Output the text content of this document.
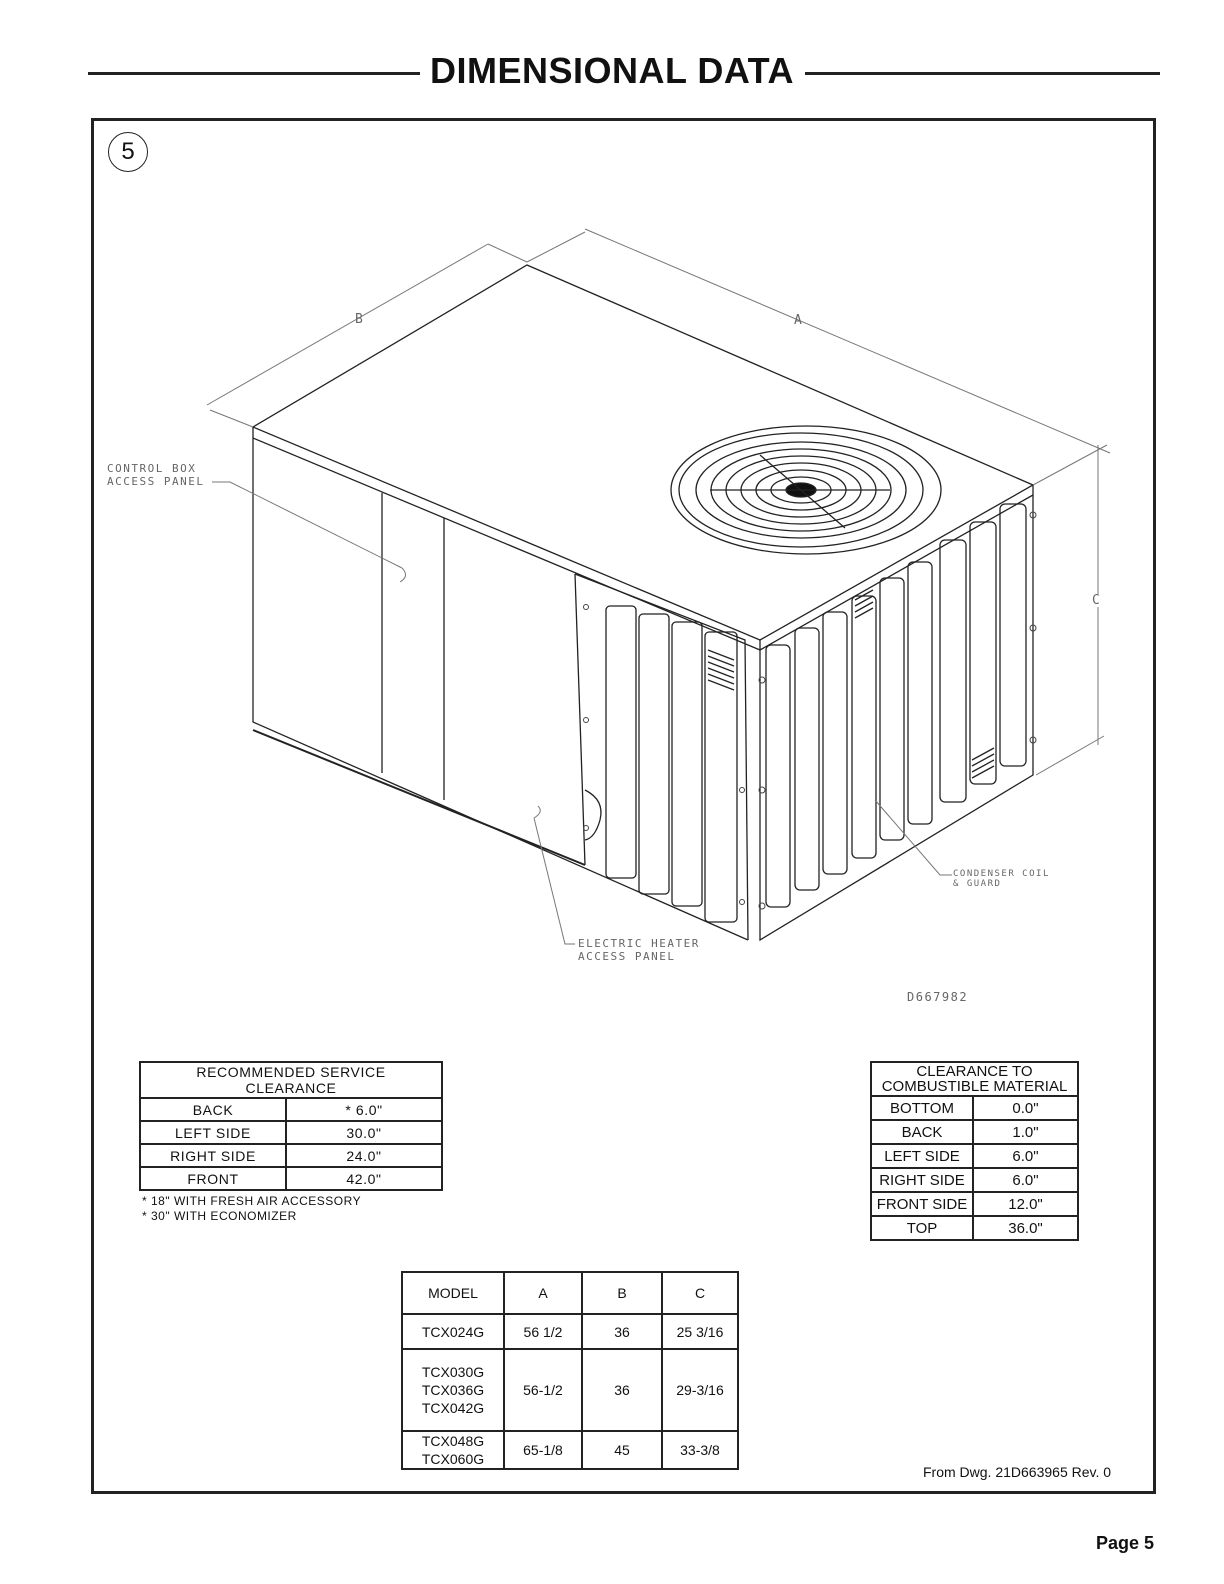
DIMENSIONAL DATA
5
B	A
C
CONTROL BOX
ACCESS PANEL
ELECTRIC HEATER
ACCESS PANEL
CONDENSER COIL
& GUARD
D667982
RECOMMENDED SERVICE
CLEARANCE	
BACK	* 6.0"
LEFT SIDE	30.0"
RIGHT SIDE	24.0"
FRONT	42.0"
* 18" WITH FRESH AIR ACCESSORY
* 30" WITH ECONOMIZER
CLEARANCE TO
COMBUSTIBLE MATERIAL	
BOTTOM	0.0"
BACK	1.0"
LEFT SIDE	6.0"
RIGHT SIDE	6.0"
FRONT SIDE	12.0"
TOP	36.0"
MODEL	A	B	C
TCX024G	56 1/2	36	25 3/16
TCX030G
TCX036G
TCX042G	56-1/2	36	29-3/16
TCX048G
TCX060G	65-1/8	45	33-3/8
From Dwg. 21D663965 Rev. 0
Page 5
